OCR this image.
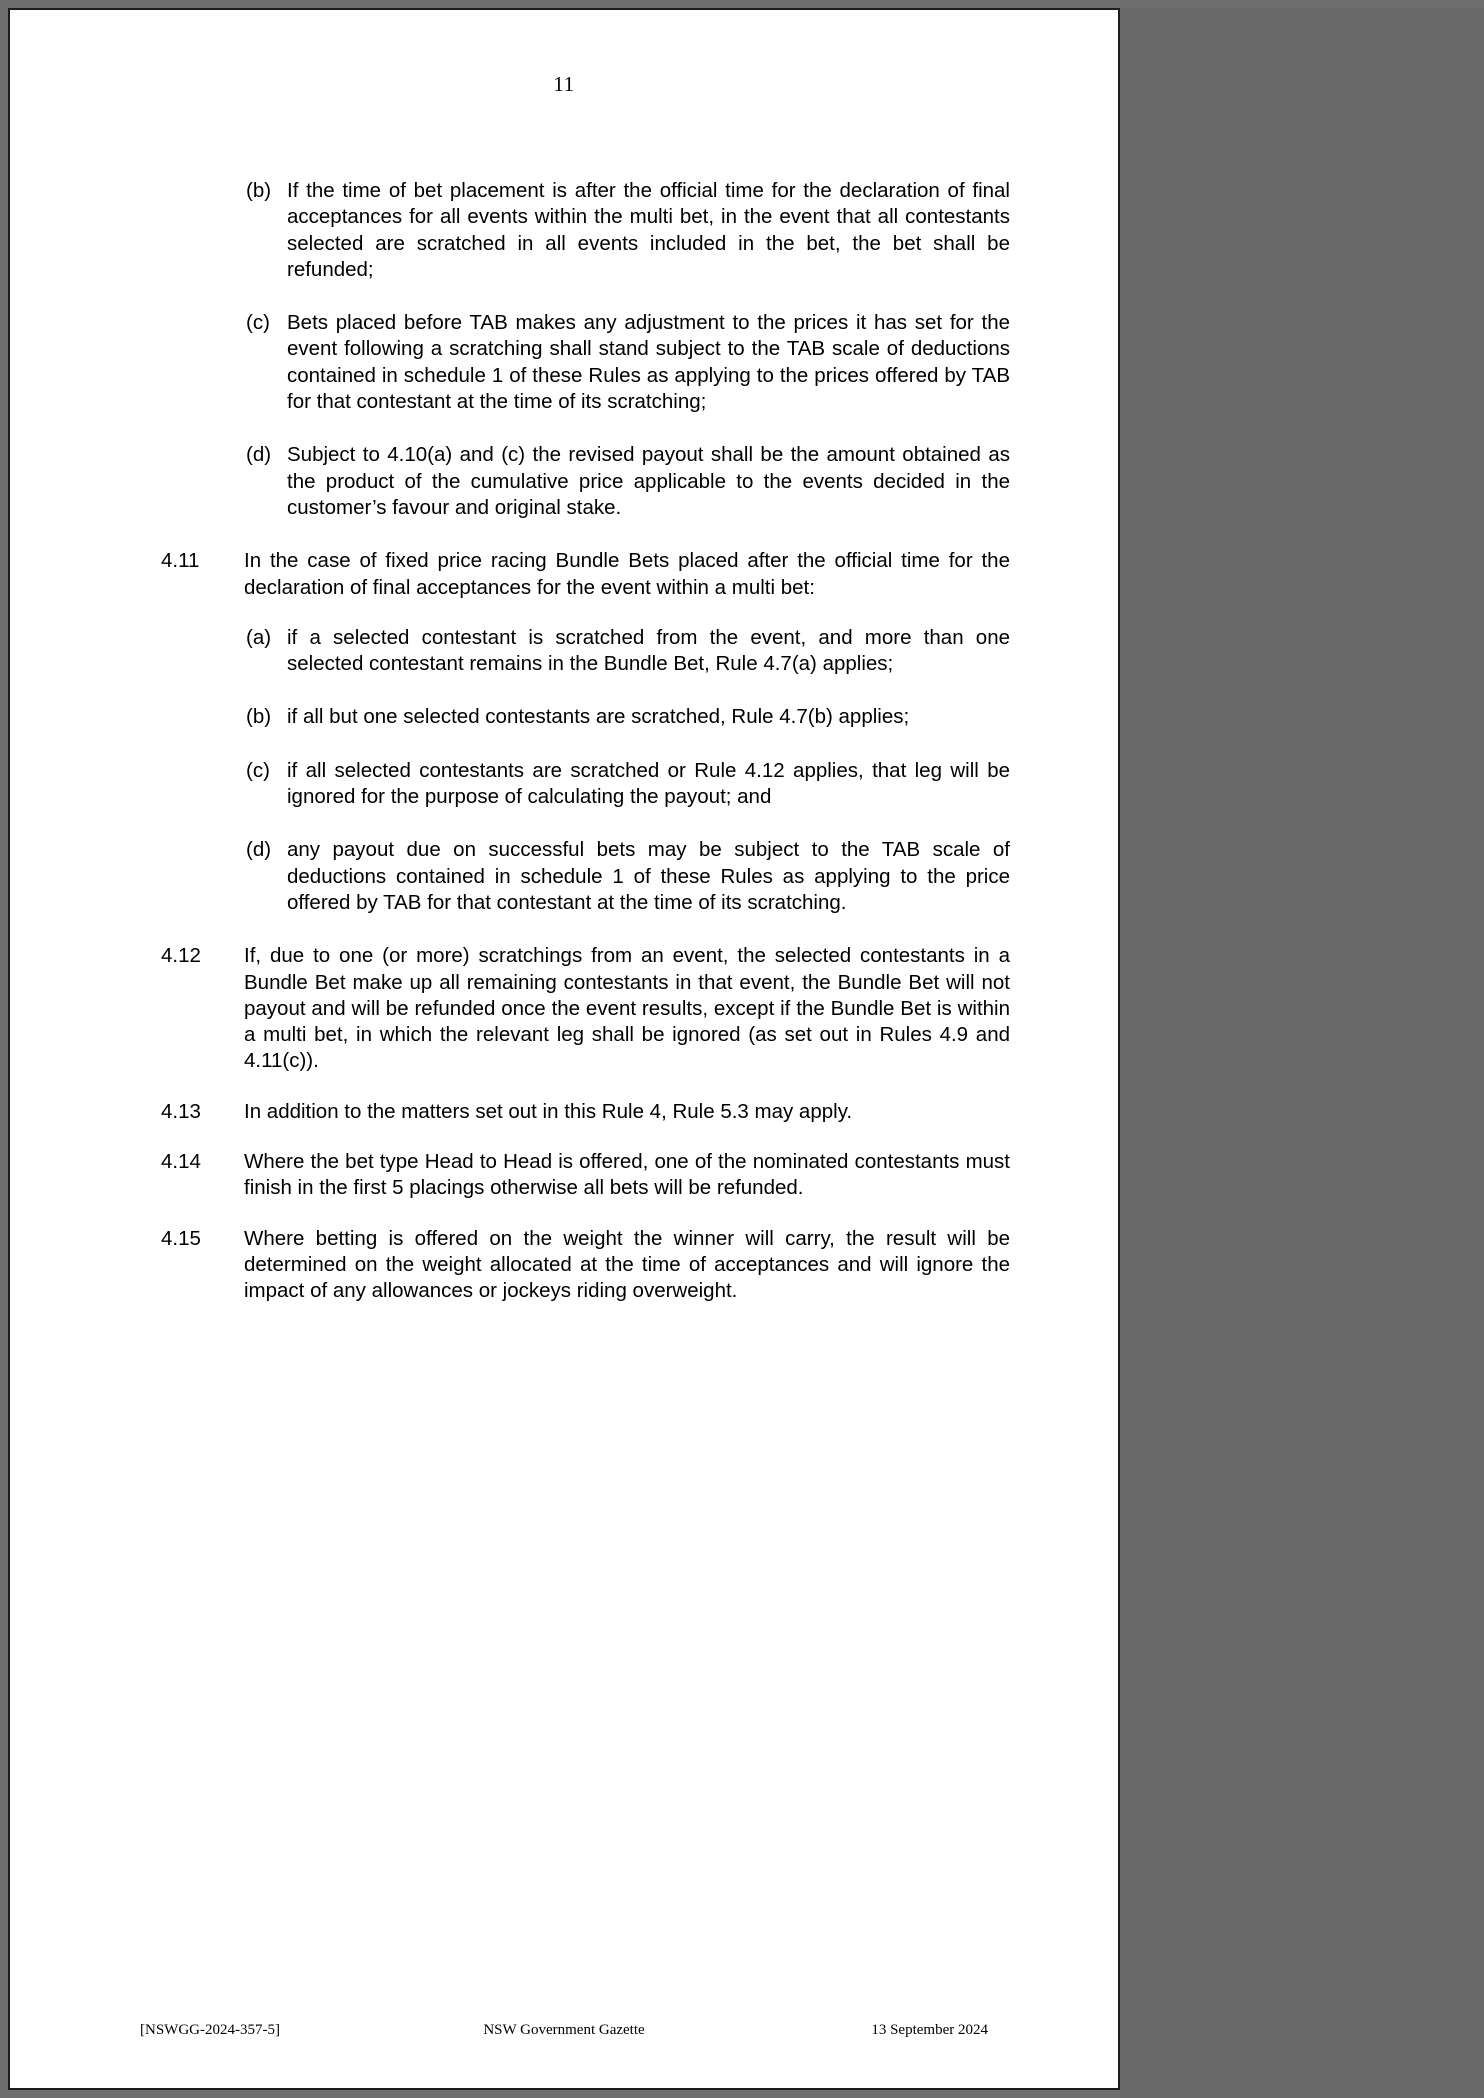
11
(b) If the time of bet placement is after the official time for the declaration of final acceptances for all events within the multi bet, in the event that all contestants selected are scratched in all events included in the bet, the bet shall be refunded;
(c) Bets placed before TAB makes any adjustment to the prices it has set for the event following a scratching shall stand subject to the TAB scale of deductions contained in schedule 1 of these Rules as applying to the prices offered by TAB for that contestant at the time of its scratching;
(d) Subject to 4.10(a) and (c) the revised payout shall be the amount obtained as the product of the cumulative price applicable to the events decided in the customer’s favour and original stake.
4.11	In the case of fixed price racing Bundle Bets placed after the official time for the declaration of final acceptances for the event within a multi bet:
(a) if a selected contestant is scratched from the event, and more than one selected contestant remains in the Bundle Bet, Rule 4.7(a) applies;
(b) if all but one selected contestants are scratched, Rule 4.7(b) applies;
(c) if all selected contestants are scratched or Rule 4.12 applies, that leg will be ignored for the purpose of calculating the payout; and
(d) any payout due on successful bets may be subject to the TAB scale of deductions contained in schedule 1 of these Rules as applying to the price offered by TAB for that contestant at the time of its scratching.
4.12	If, due to one (or more) scratchings from an event, the selected contestants in a Bundle Bet make up all remaining contestants in that event, the Bundle Bet will not payout and will be refunded once the event results, except if the Bundle Bet is within a multi bet, in which the relevant leg shall be ignored (as set out in Rules 4.9 and 4.11(c)).
4.13	In addition to the matters set out in this Rule 4, Rule 5.3 may apply.
4.14	Where the bet type Head to Head is offered, one of the nominated contestants must finish in the first 5 placings otherwise all bets will be refunded.
4.15	Where betting is offered on the weight the winner will carry, the result will be determined on the weight allocated at the time of acceptances and will ignore the impact of any allowances or jockeys riding overweight.
[NSWGG-2024-357-5]	NSW Government Gazette	13 September 2024
